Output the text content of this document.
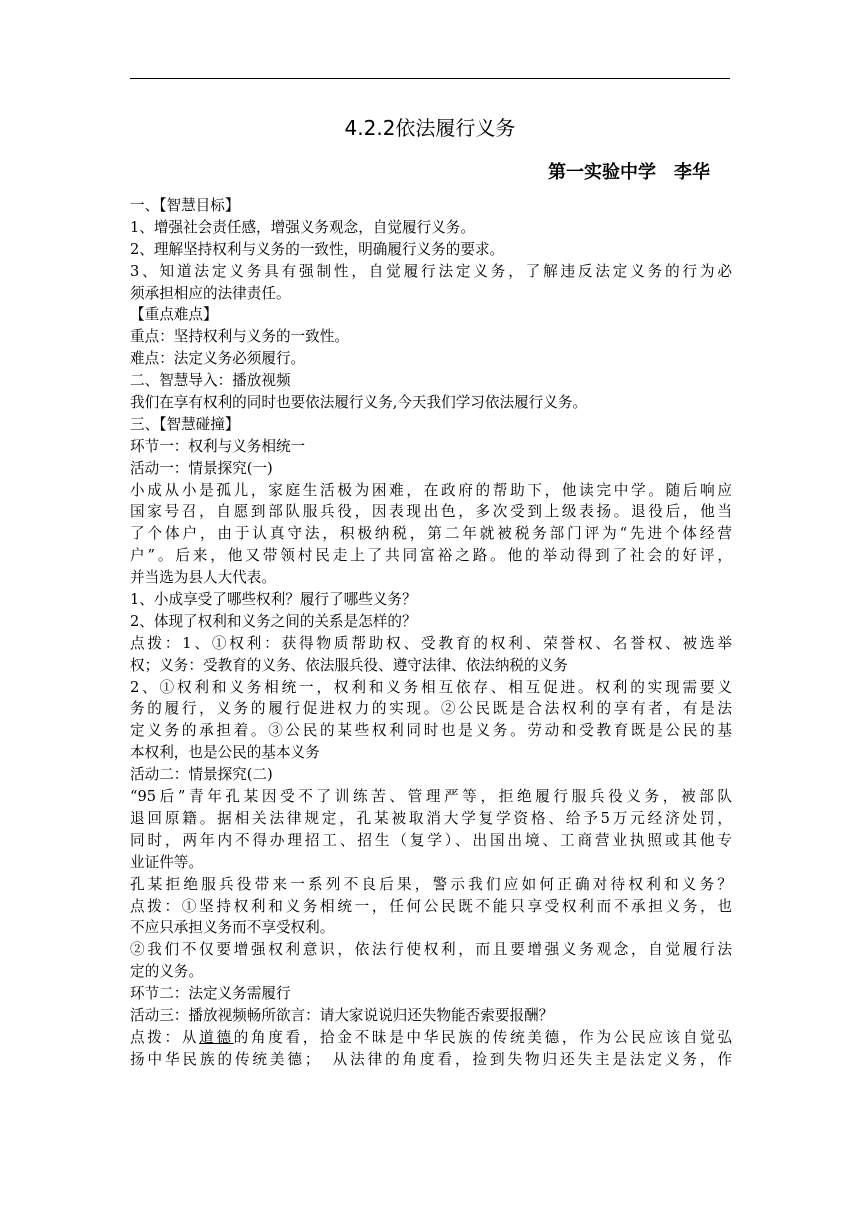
4.2.2依法履行义务
第一实验中学　李华
一、【智慧目标】
1、增强社会责任感，增强义务观念，自觉履行义务。
2、理解坚持权利与义务的一致性，明确履行义务的要求。
3、知道法定义务具有强制性，自觉履行法定义务，了解违反法定义务的行为必
须承担相应的法律责任。
【重点难点】
重点：坚持权利与义务的一致性。
难点：法定义务必须履行。
二、智慧导入：播放视频
我们在享有权利的同时也要依法履行义务,今天我们学习依法履行义务。
三、【智慧碰撞】
环节一：权利与义务相统一
活动一：情景探究(一)
小成从小是孤儿，家庭生活极为困难，在政府的帮助下，他读完中学。随后响应
国家号召，自愿到部队服兵役，因表现出色，多次受到上级表扬。退役后，他当
了个体户，由于认真守法，积极纳税，第二年就被税务部门评为“先进个体经营
户”。后来，他又带领村民走上了共同富裕之路。他的举动得到了社会的好评，
并当选为县人大代表。
1、小成享受了哪些权利？履行了哪些义务？
2、体现了权利和义务之间的关系是怎样的？
点拨：1、①权利：获得物质帮助权、受教育的权利、荣誉权、名誉权、被选举
权；义务：受教育的义务、依法服兵役、遵守法律、依法纳税的义务
2、①权利和义务相统一，权利和义务相互依存、相互促进。权利的实现需要义
务的履行，义务的履行促进权力的实现。②公民既是合法权利的享有者，有是法
定义务的承担着。③公民的某些权利同时也是义务。劳动和受教育既是公民的基
本权利，也是公民的基本义务
活动二：情景探究(二)
“95后”青年孔某因受不了训练苦、管理严等，拒绝履行服兵役义务，被部队
退回原籍。据相关法律规定，孔某被取消大学复学资格、给予5万元经济处罚，
同时，两年内不得办理招工、招生（复学）、出国出境、工商营业执照或其他专
业证件等。
孔某拒绝服兵役带来一系列不良后果，警示我们应如何正确对待权利和义务？
点拨：①坚持权利和义务相统一，任何公民既不能只享受权利而不承担义务，也
不应只承担义务而不享受权利。
②我们不仅要增强权利意识，依法行使权利，而且要增强义务观念，自觉履行法
定的义务。
环节二：法定义务需履行
活动三：播放视频畅所欲言：请大家说说归还失物能否索要报酬？
点拨：从道德的角度看，拾金不昧是中华民族的传统美德，作为公民应该自觉弘
扬中华民族的传统美德；　从法律的角度看，捡到失物归还失主是法定义务，作
